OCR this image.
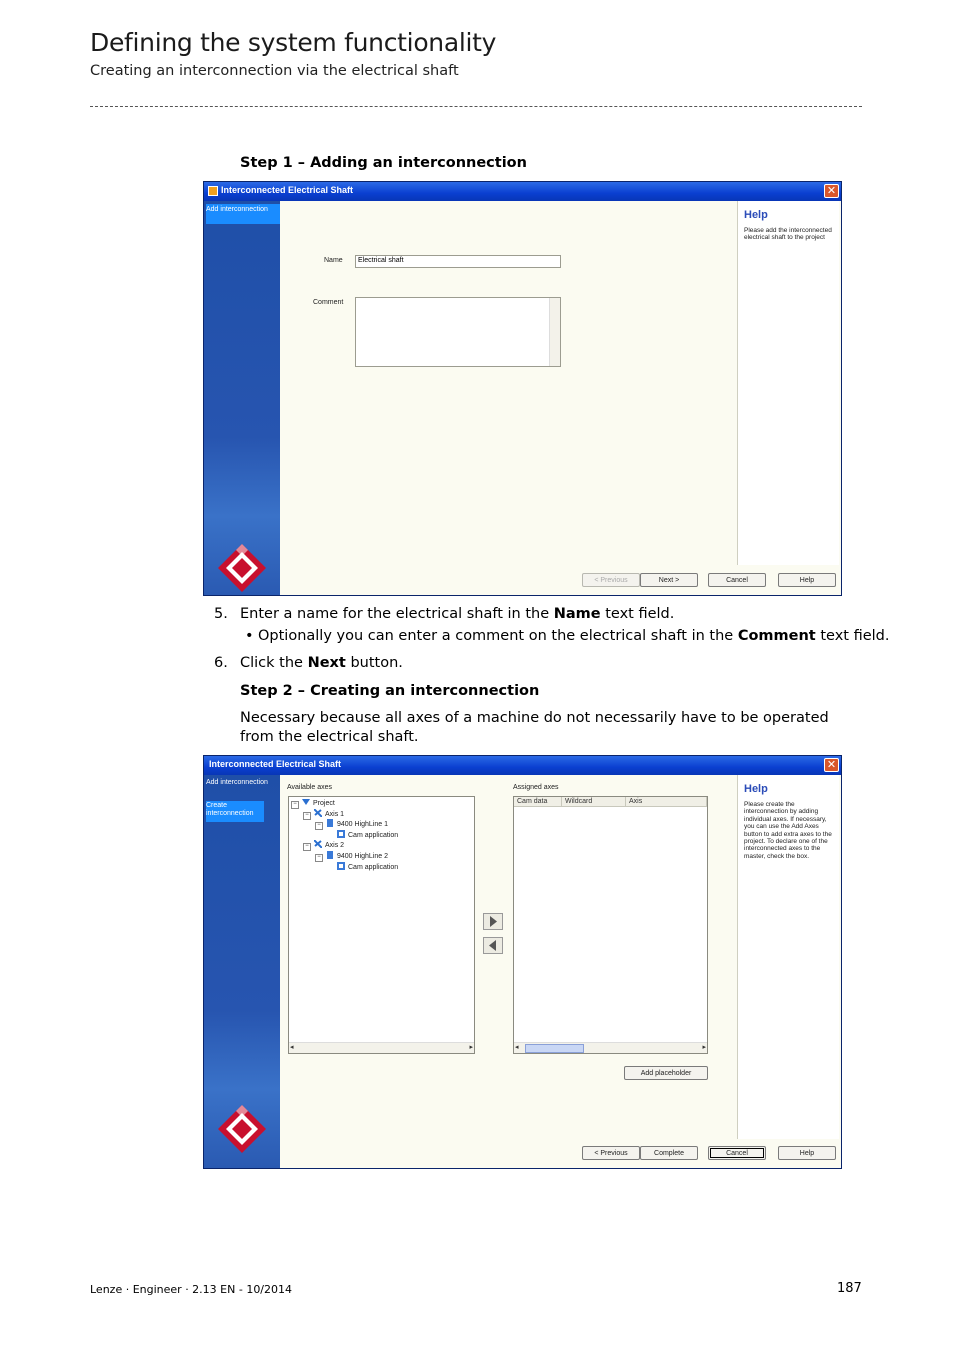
Defining the system functionality
Creating an interconnection via the electrical shaft
Step 1 – Adding an interconnection
Interconnected Electrical Shaft	✕
Add interconnection
Name	Electrical shaft
Comment
Help
Please add the interconnected electrical shaft to the project
< Previous	Next >	Cancel	Help
5. Enter a name for the electrical shaft in the Name text field.
• Optionally you can enter a comment on the electrical shaft in the Comment text field.
6. Click the Next button.
Step 2 – Creating an interconnection
Necessary because all axes of a machine do not necessarily have to be operated from the electrical shaft.
Interconnected Electrical Shaft	✕
Add interconnection
Create interconnection
Available axes
− Project
− Axis 1
− 9400 HighLine 1
Cam application
− Axis 2
− 9400 HighLine 2
Cam application
◂	▸
Assigned axes
Cam data	Wildcard	Axis
◂	▸
Help
Please create the interconnection by adding individual axes. If necessary, you can use the Add Axes button to add extra axes to the project. To declare one of the interconnected axes to the master, check the box.
Add placeholder
< Previous	Complete	Cancel	Help
Lenze · Engineer · 2.13 EN - 10/2014	187
